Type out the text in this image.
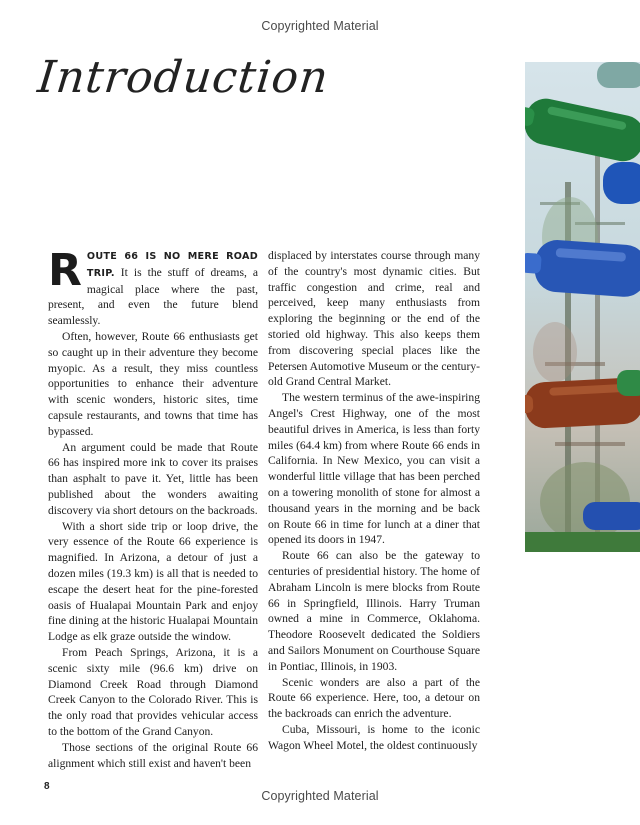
Copyrighted Material
Introduction

ROUTE 66 IS NO MERE ROAD TRIP. It is the stuff of dreams, a magical place where the past, present, and even the future blend seamlessly.

Often, however, Route 66 enthusiasts get so caught up in their adventure they become myopic. As a result, they miss countless opportunities to enhance their adventure with scenic wonders, historic sites, time capsule restaurants, and towns that time has bypassed.

An argument could be made that Route 66 has inspired more ink to cover its praises than asphalt to pave it. Yet, little has been published about the wonders awaiting discovery via short detours on the backroads.

With a short side trip or loop drive, the very essence of the Route 66 experience is magnified. In Arizona, a detour of just a dozen miles (19.3 km) is all that is needed to escape the desert heat for the pine-forested oasis of Hualapai Mountain Park and enjoy fine dining at the historic Hualapai Mountain Lodge as elk graze outside the window.

From Peach Springs, Arizona, it is a scenic sixty mile (96.6 km) drive on Diamond Creek Road through Diamond Creek Canyon to the Colorado River. This is the only road that provides vehicular access to the bottom of the Grand Canyon.

Those sections of the original Route 66 alignment which still exist and haven't been

displaced by interstates course through many of the country's most dynamic cities. But traffic congestion and crime, real and perceived, keep many enthusiasts from exploring the beginning or the end of the storied old highway. This also keeps them from discovering special places like the Petersen Automotive Museum or the century-old Grand Central Market.

The western terminus of the awe-inspiring Angel's Crest Highway, one of the most beautiful drives in America, is less than forty miles (64.4 km) from where Route 66 ends in California. In New Mexico, you can visit a wonderful little village that has been perched on a towering monolith of stone for almost a thousand years in the morning and be back on Route 66 in time for lunch at a diner that opened its doors in 1947.

Route 66 can also be the gateway to centuries of presidential history. The home of Abraham Lincoln is mere blocks from Route 66 in Springfield, Illinois. Harry Truman owned a mine in Commerce, Oklahoma. Theodore Roosevelt dedicated the Soldiers and Sailors Monument on Courthouse Square in Pontiac, Illinois, in 1903.

Scenic wonders are also a part of the Route 66 experience. Here, too, a detour on the backroads can enrich the adventure.

Cuba, Missouri, is home to the iconic Wagon Wheel Motel, the oldest continuously

8
Copyrighted Material
